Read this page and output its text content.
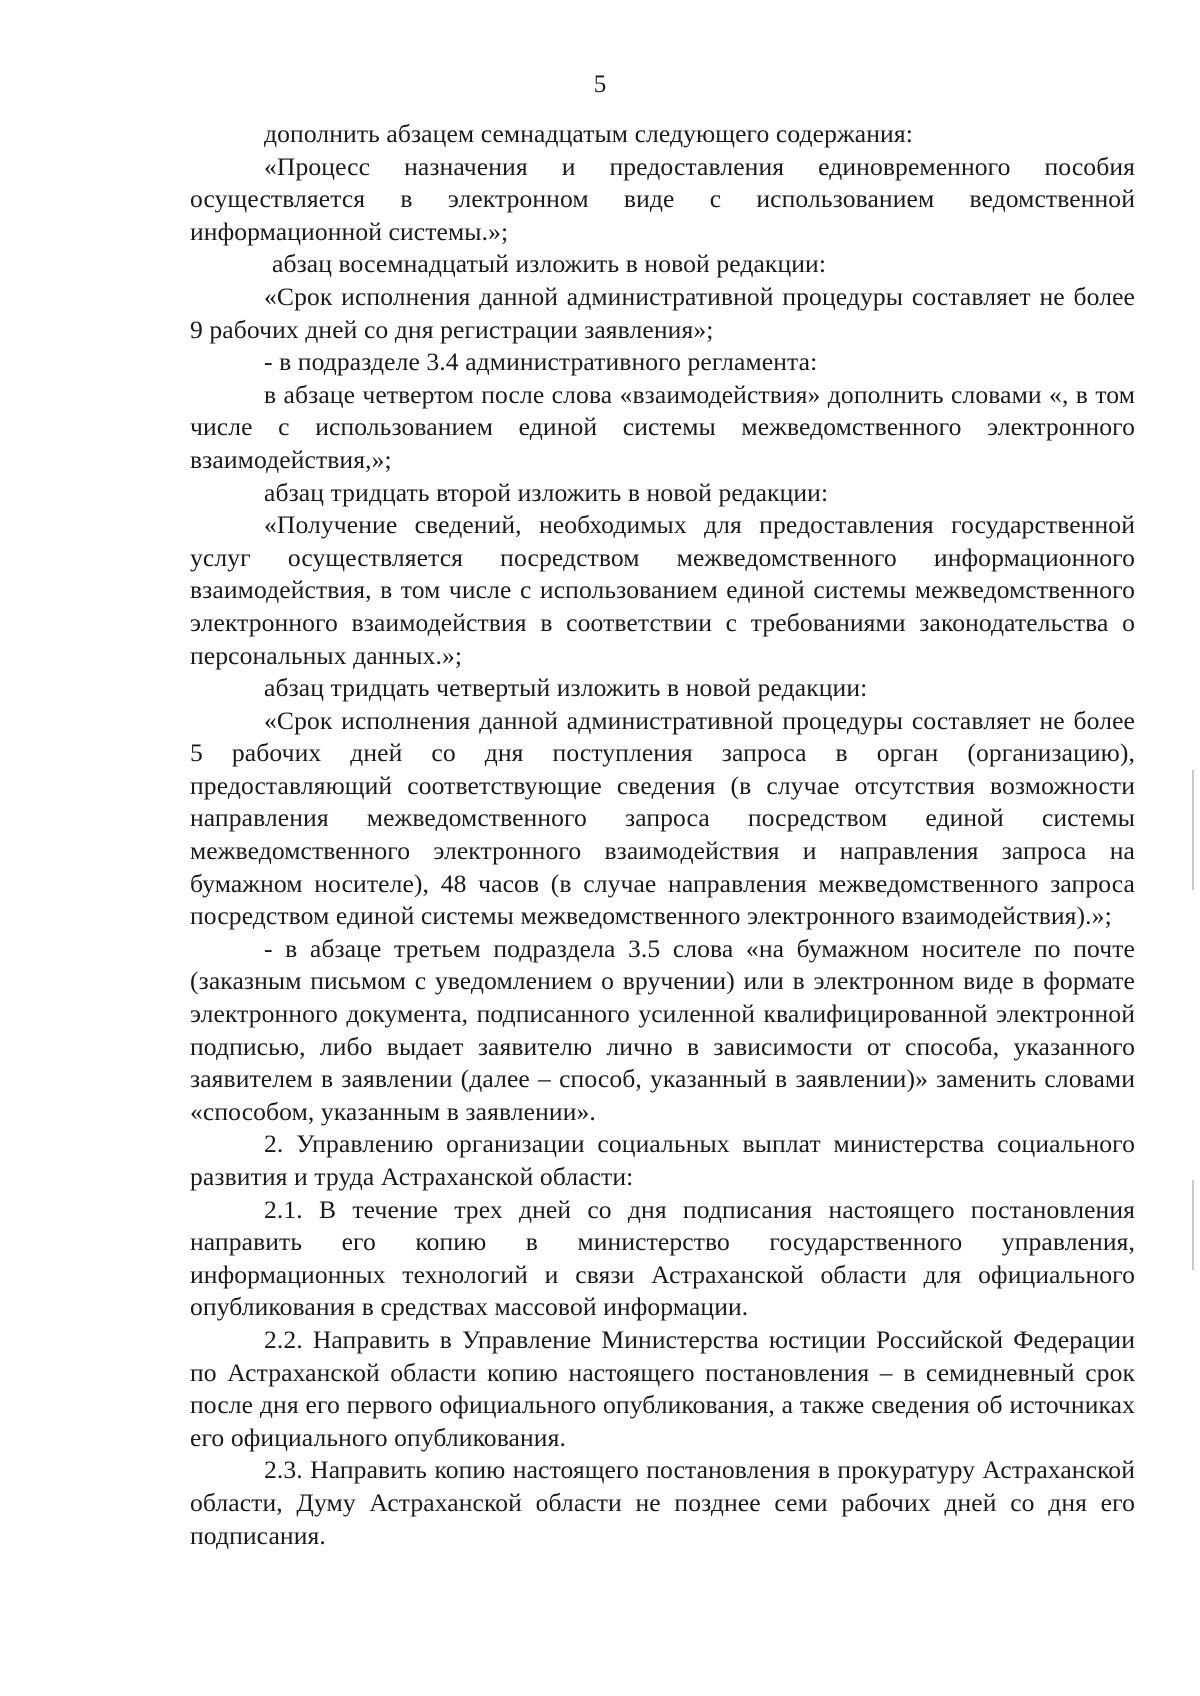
5

дополнить абзацем семнадцатым следующего содержания:

«Процесс назначения и предоставления единовременного пособия осуществляется в электронном виде с использованием ведомственной информационной системы.»;

абзац восемнадцатый изложить в новой редакции:

«Срок исполнения данной административной процедуры составляет не более 9 рабочих дней со дня регистрации заявления»;

- в подразделе 3.4 административного регламента:

в абзаце четвертом после слова «взаимодействия» дополнить словами «, в том числе с использованием единой системы межведомственного электронного взаимодействия,»;

абзац тридцать второй изложить в новой редакции:

«Получение сведений, необходимых для предоставления государственной услуг осуществляется посредством межведомственного информационного взаимодействия, в том числе с использованием единой системы межведомственного электронного взаимодействия в соответствии с требованиями законодательства о персональных данных.»;

абзац тридцать четвертый изложить в новой редакции:

«Срок исполнения данной административной процедуры составляет не более 5 рабочих дней со дня поступления запроса в орган (организацию), предоставляющий соответствующие сведения (в случае отсутствия возможности направления межведомственного запроса посредством единой системы межведомственного электронного взаимодействия и направления запроса на бумажном носителе), 48 часов (в случае направления межведомственного запроса посредством единой системы межведомственного электронного взаимодействия).»;

- в абзаце третьем подраздела 3.5 слова «на бумажном носителе по почте (заказным письмом с уведомлением о вручении) или в электронном виде в формате электронного документа, подписанного усиленной квалифицированной электронной подписью, либо выдает заявителю лично в зависимости от способа, указанного заявителем в заявлении (далее – способ, указанный в заявлении)» заменить словами «способом, указанным в заявлении».

2. Управлению организации социальных выплат министерства социального развития и труда Астраханской области:

2.1. В течение трех дней со дня подписания настоящего постановления направить его копию в министерство государственного управления, информационных технологий и связи Астраханской области для официального опубликования в средствах массовой информации.

2.2. Направить в Управление Министерства юстиции Российской Федерации по Астраханской области копию настоящего постановления – в семидневный срок после дня его первого официального опубликования, а также сведения об источниках его официального опубликования.

2.3. Направить копию настоящего постановления в прокуратуру Астраханской области, Думу Астраханской области не позднее семи рабочих дней со дня его подписания.
